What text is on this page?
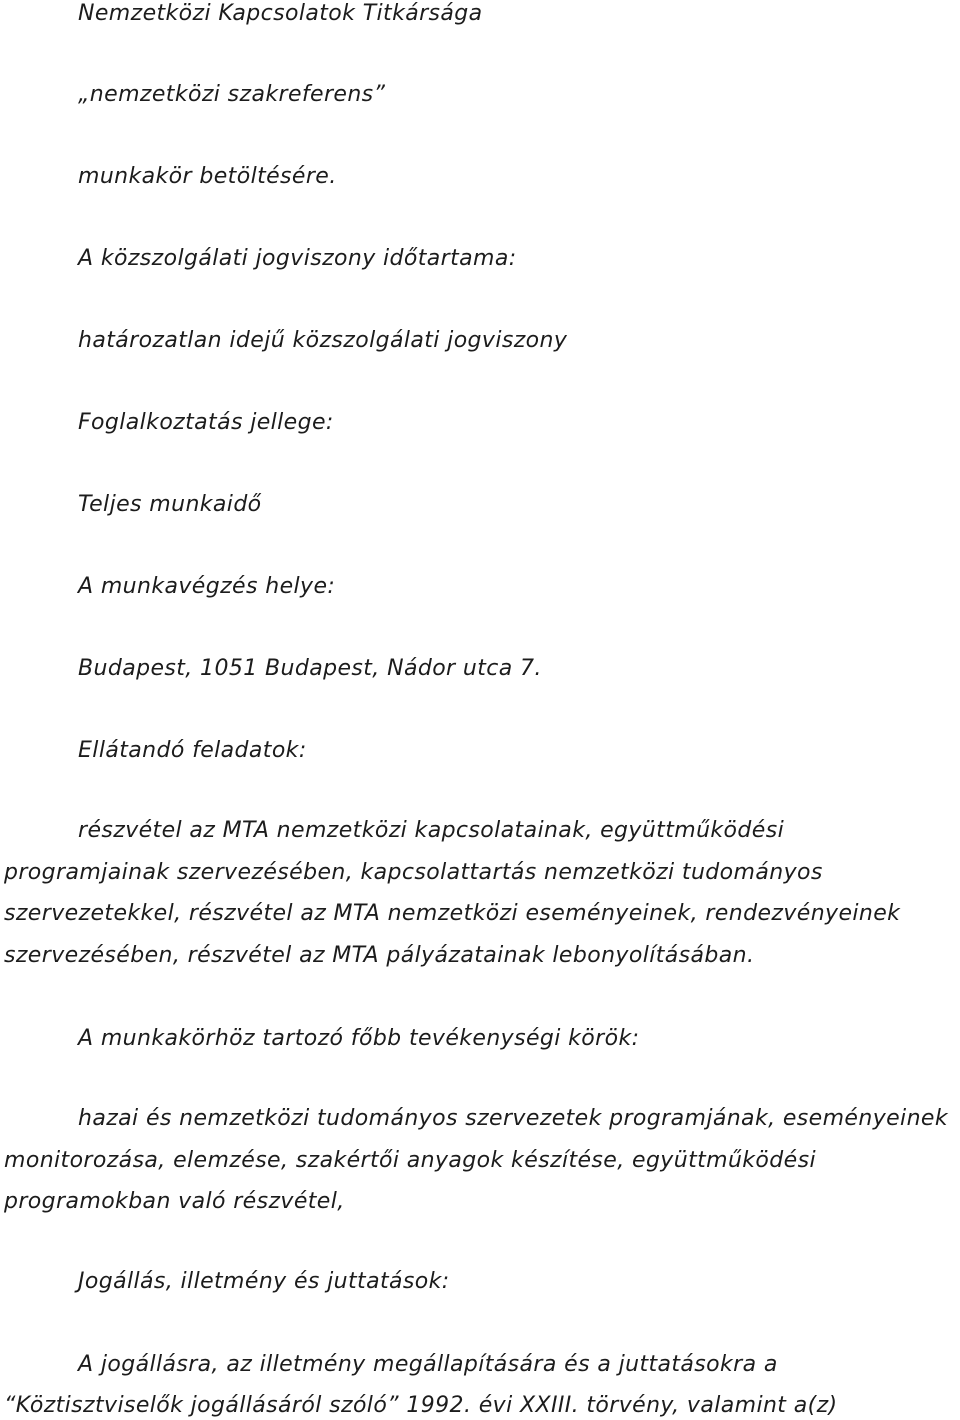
Nemzetközi Kapcsolatok Titkársága

„nemzetközi szakreferens”

munkakör betöltésére.

A közszolgálati jogviszony időtartama:

határozatlan idejű közszolgálati jogviszony

Foglalkoztatás jellege:

Teljes munkaidő

A munkavégzés helye:

Budapest, 1051 Budapest, Nádor utca 7.

Ellátandó feladatok:

részvétel az MTA nemzetközi kapcsolatainak, együttműködési programjainak szervezésében, kapcsolattartás nemzetközi tudományos szervezetekkel, részvétel az MTA nemzetközi eseményeinek, rendezvényeinek szervezésében, részvétel az MTA pályázatainak lebonyolításában.

A munkakörhöz tartozó főbb tevékenységi körök:

hazai és nemzetközi tudományos szervezetek programjának, eseményeinek monitorozása, elemzése, szakértői anyagok készítése, együttműködési programokban való részvétel,

Jogállás, illetmény és juttatások:

A jogállásra, az illetmény megállapítására és a juttatásokra a

“Köztisztviselők jogállásáról szóló” 1992. évi XXIII. törvény, valamint a(z)
